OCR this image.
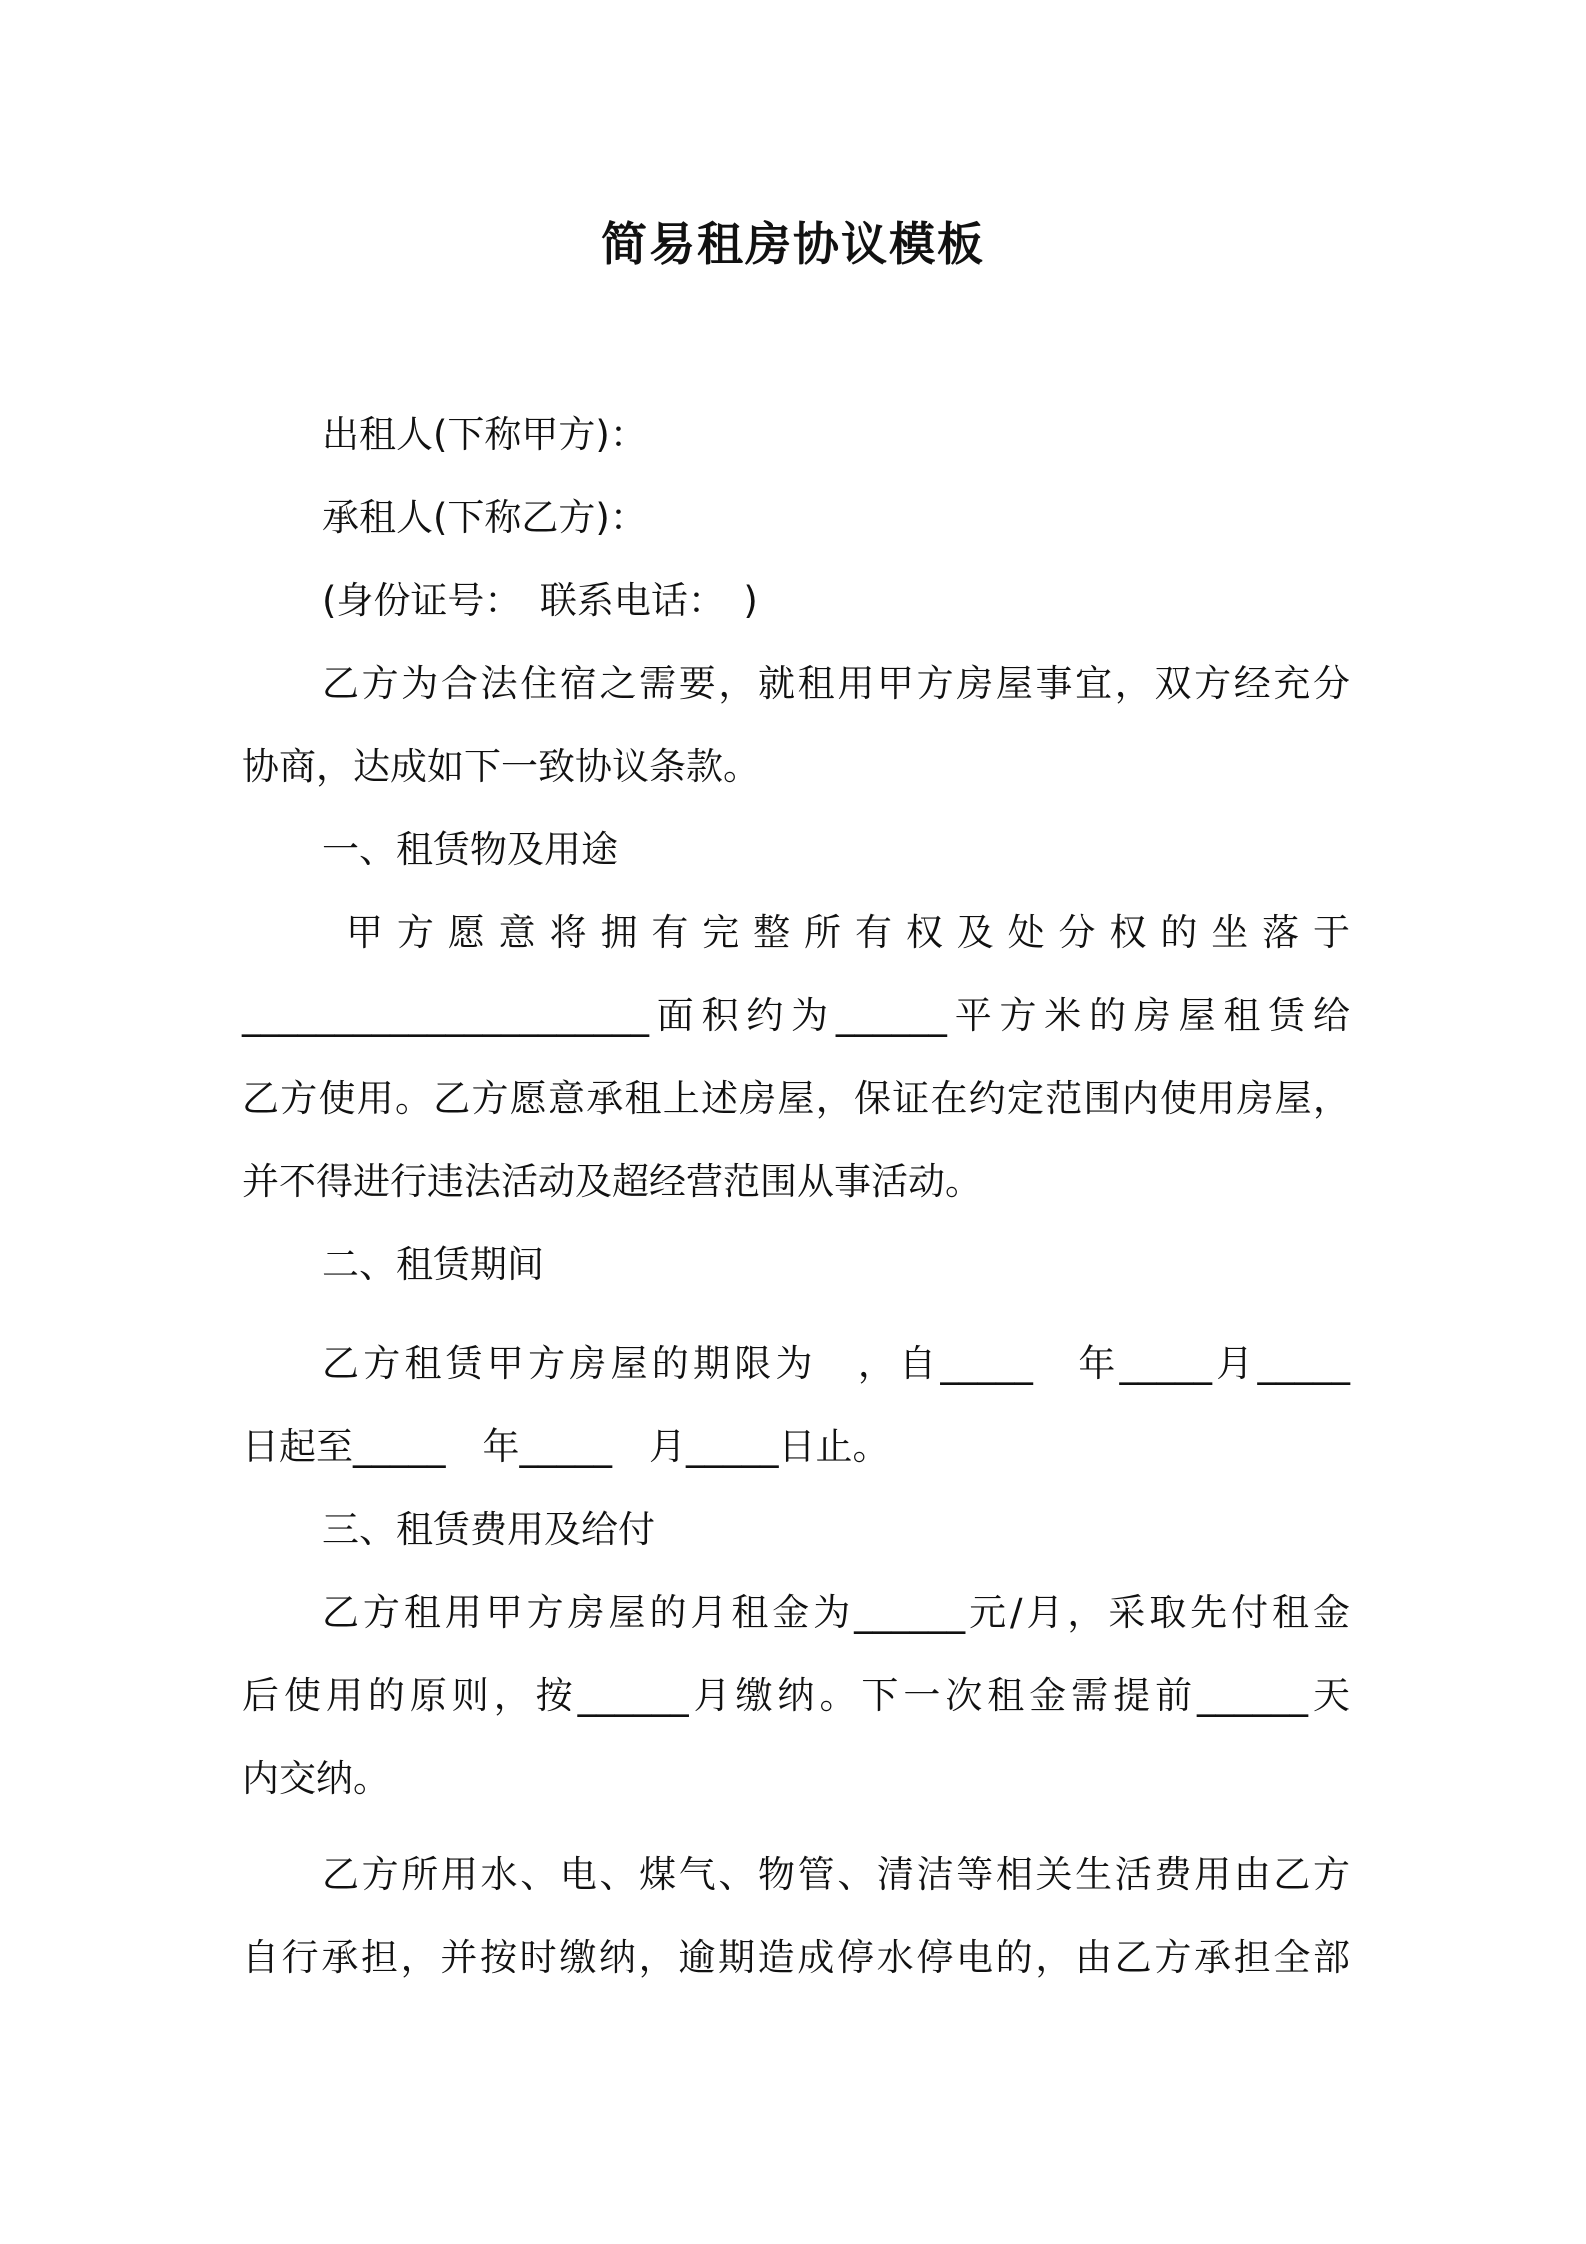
简易租房协议模板
出租人(下称甲方)：
承租人(下称乙方)：
(身份证号：　联系电话：　)
乙方为合法住宿之需要，就租用甲方房屋事宜，双方经充分
协商，达成如下一致协议条款。
一、租赁物及用途
甲方愿意将拥有完整所有权及处分权的坐落于
______________________面积约为______平方米的房屋租赁给
乙方使用。乙方愿意承租上述房屋，保证在约定范围内使用房屋，
并不得进行违法活动及超经营范围从事活动。
二、租赁期间
乙方租赁甲方房屋的期限为　，自_____　年_____月_____
日起至_____　年_____　月_____日止。
三、租赁费用及给付
乙方租用甲方房屋的月租金为______元/月，采取先付租金
后使用的原则，按______月缴纳。下一次租金需提前______天
内交纳。
乙方所用水、电、煤气、物管、清洁等相关生活费用由乙方
自行承担，并按时缴纳，逾期造成停水停电的，由乙方承担全部
